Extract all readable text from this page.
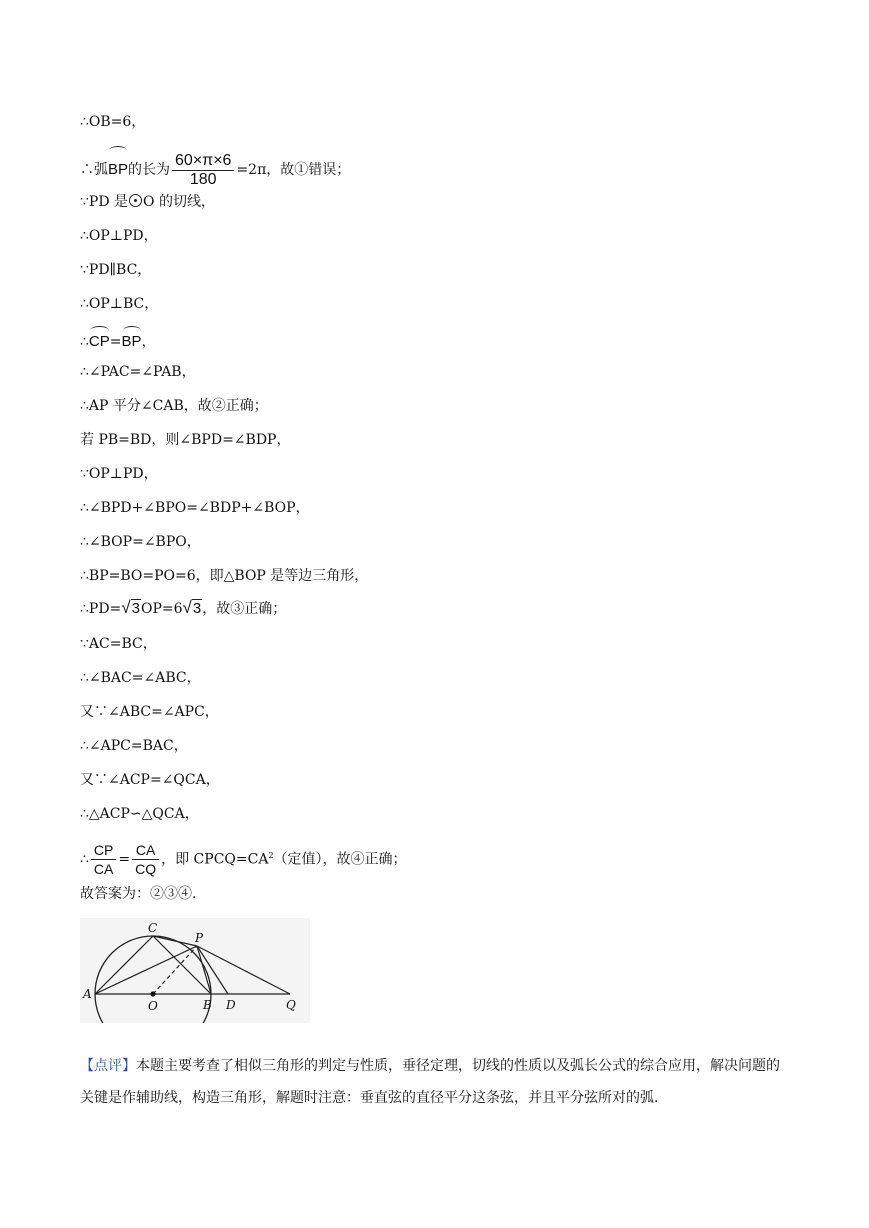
∴OB=6，
∴弧BP的长为 $\frac{60\times\pi\times 6}{180} =2\pi$，故①错误；
∵PD 是 O 的切线，
∴OP⊥PD，
∵PD∥BC，
∴OP⊥BC，
∴CP=BP，
∴∠PAC=∠PAB，
∴AP 平分∠CAB，故②正确；
若 PB=BD，则∠BPD=∠BDP，
∵OP⊥PD，
∴∠BPD+∠BPO=∠BDP+∠BOP，
∴∠BOP=∠BPO，
∴BP=BO=PO=6，即△BOP 是等边三角形，
∴PD=√3OP=6√3，故③正确；
∵AC=BC，
∴∠BAC=∠ABC，
又∵∠ABC=∠APC，
∴∠APC=BAC，
又∵∠ACP=∠QCA，
∴△ACP∽△QCA，
∴ $\frac{CP}{CA} = \frac{CA}{CQ}$ ，即 $CPCQ=CA^2$（定值），故④正确；
故答案为：②③④.
A
C
P
O	B D	Q
【点评】本题主要考查了相似三角形的判定与性质，垂径定理，切线的性质以及弧长公式的综合应用，解决问题的关键是作辅助线，构造三角形，解题时注意：垂直弦的直径平分这条弦，并且平分弦所对的弧.
